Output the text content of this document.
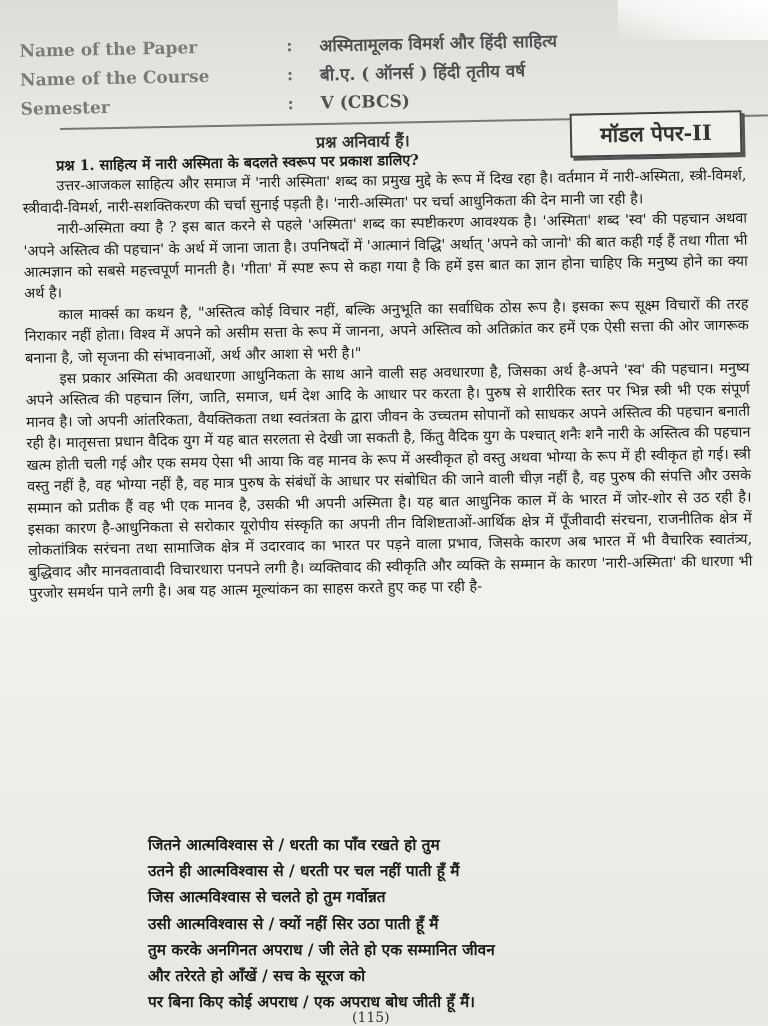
Name of the Paper	:	अस्मितामूलक विमर्श और हिंदी साहित्य
Name of the Course	:	बी.ए. ( ऑनर्स ) हिंदी तृतीय वर्ष
Semester	:	V (CBCS)
मॉडल पेपर-II
प्रश्न अनिवार्य हैं।

प्रश्न 1. साहित्य में नारी अस्मिता के बदलते स्वरूप पर प्रकाश डालिए?

उत्तर-आजकल साहित्य और समाज में 'नारी अस्मिता' शब्द का प्रमुख मुद्दे के रूप में दिख रहा है। वर्तमान में नारी-अस्मिता, स्त्री-विमर्श, स्त्रीवादी-विमर्श, नारी-सशक्तिकरण की चर्चा सुनाई पड़ती है। 'नारी-अस्मिता' पर चर्चा आधुनिकता की देन मानी जा रही है।

नारी-अस्मिता क्या है ? इस बात करने से पहले 'अस्मिता' शब्द का स्पष्टीकरण आवश्यक है। 'अस्मिता' शब्द 'स्व' की पहचान अथवा 'अपने अस्तित्व की पहचान' के अर्थ में जाना जाता है। उपनिषदों में 'आत्मानं विद्धि' अर्थात् 'अपने को जानो' की बात कही गई हैं तथा गीता भी आत्मज्ञान को सबसे महत्त्वपूर्ण मानती है। 'गीता' में स्पष्ट रूप से कहा गया है कि हमें इस बात का ज्ञान होना चाहिए कि मनुष्य होने का क्या अर्थ है।

काल मार्क्स का कथन है, "अस्तित्व कोई विचार नहीं, बल्कि अनुभूति का सर्वाधिक ठोस रूप है। इसका रूप सूक्ष्म विचारों की तरह निराकार नहीं होता। विश्व में अपने को असीम सत्ता के रूप में जानना, अपने अस्तित्व को अतिक्रांत कर हमें एक ऐसी सत्ता की ओर जागरूक बनाना है, जो सृजना की संभावनाओं, अर्थ और आशा से भरी है।"

इस प्रकार अस्मिता की अवधारणा आधुनिकता के साथ आने वाली सह अवधारणा है, जिसका अर्थ है-अपने 'स्व' की पहचान। मनुष्य अपने अस्तित्व की पहचान लिंग, जाति, समाज, धर्म देश आदि के आधार पर करता है। पुरुष से शारीरिक स्तर पर भिन्न स्त्री भी एक संपूर्ण मानव है। जो अपनी आंतरिकता, वैयक्तिकता तथा स्वतंत्रता के द्वारा जीवन के उच्चतम सोपानों को साधकर अपने अस्तित्व की पहचान बनाती रही है। मातृसत्ता प्रधान वैदिक युग में यह बात सरलता से देखी जा सकती है, किंतु वैदिक युग के पश्चात् शनैः शनै नारी के अस्तित्व की पहचान खत्म होती चली गई और एक समय ऐसा भी आया कि वह मानव के रूप में अस्वीकृत हो वस्तु अथवा भोग्या के रूप में ही स्वीकृत हो गई। स्त्री वस्तु नहीं है, वह भोग्या नहीं है, वह मात्र पुरुष के संबंधों के आधार पर संबोधित की जाने वाली चीज़ नहीं है, वह पुरुष की संपत्ति और उसके सम्मान को प्रतीक हैं वह भी एक मानव है, उसकी भी अपनी अस्मिता है। यह बात आधुनिक काल में के भारत में जोर-शोर से उठ रही है। इसका कारण है-आधुनिकता से सरोकार यूरोपीय संस्कृति का अपनी तीन विशिष्टताओं-आर्थिक क्षेत्र में पूँजीवादी संरचना, राजनीतिक क्षेत्र में लोकतांत्रिक सरंचना तथा सामाजिक क्षेत्र में उदारवाद का भारत पर पड़ने वाला प्रभाव, जिसके कारण अब भारत में भी वैचारिक स्वातंत्र्य, बुद्धिवाद और मानवतावादी विचारधारा पनपने लगी है। व्यक्तिवाद की स्वीकृति और व्यक्ति के सम्मान के कारण 'नारी-अस्मिता' की धारणा भी पुरजोर समर्थन पाने लगी है। अब यह आत्म मूल्यांकन का साहस करते हुए कह पा रही है-

जितने आत्मविश्वास से / धरती का पाँव रखते हो तुम
उतने ही आत्मविश्वास से / धरती पर चल नहीं पाती हूँ मैं
जिस आत्मविश्वास से चलते हो तुम गर्वोन्नत
उसी आत्मविश्वास से / क्यों नहीं सिर उठा पाती हूँ मैं
तुम करके अनगिनत अपराध / जी लेते हो एक सम्मानित जीवन
और तरेरते हो आँखें / सच के सूरज को
पर बिना किए कोई अपराध / एक अपराध बोध जीती हूँ मैं।
(115)
